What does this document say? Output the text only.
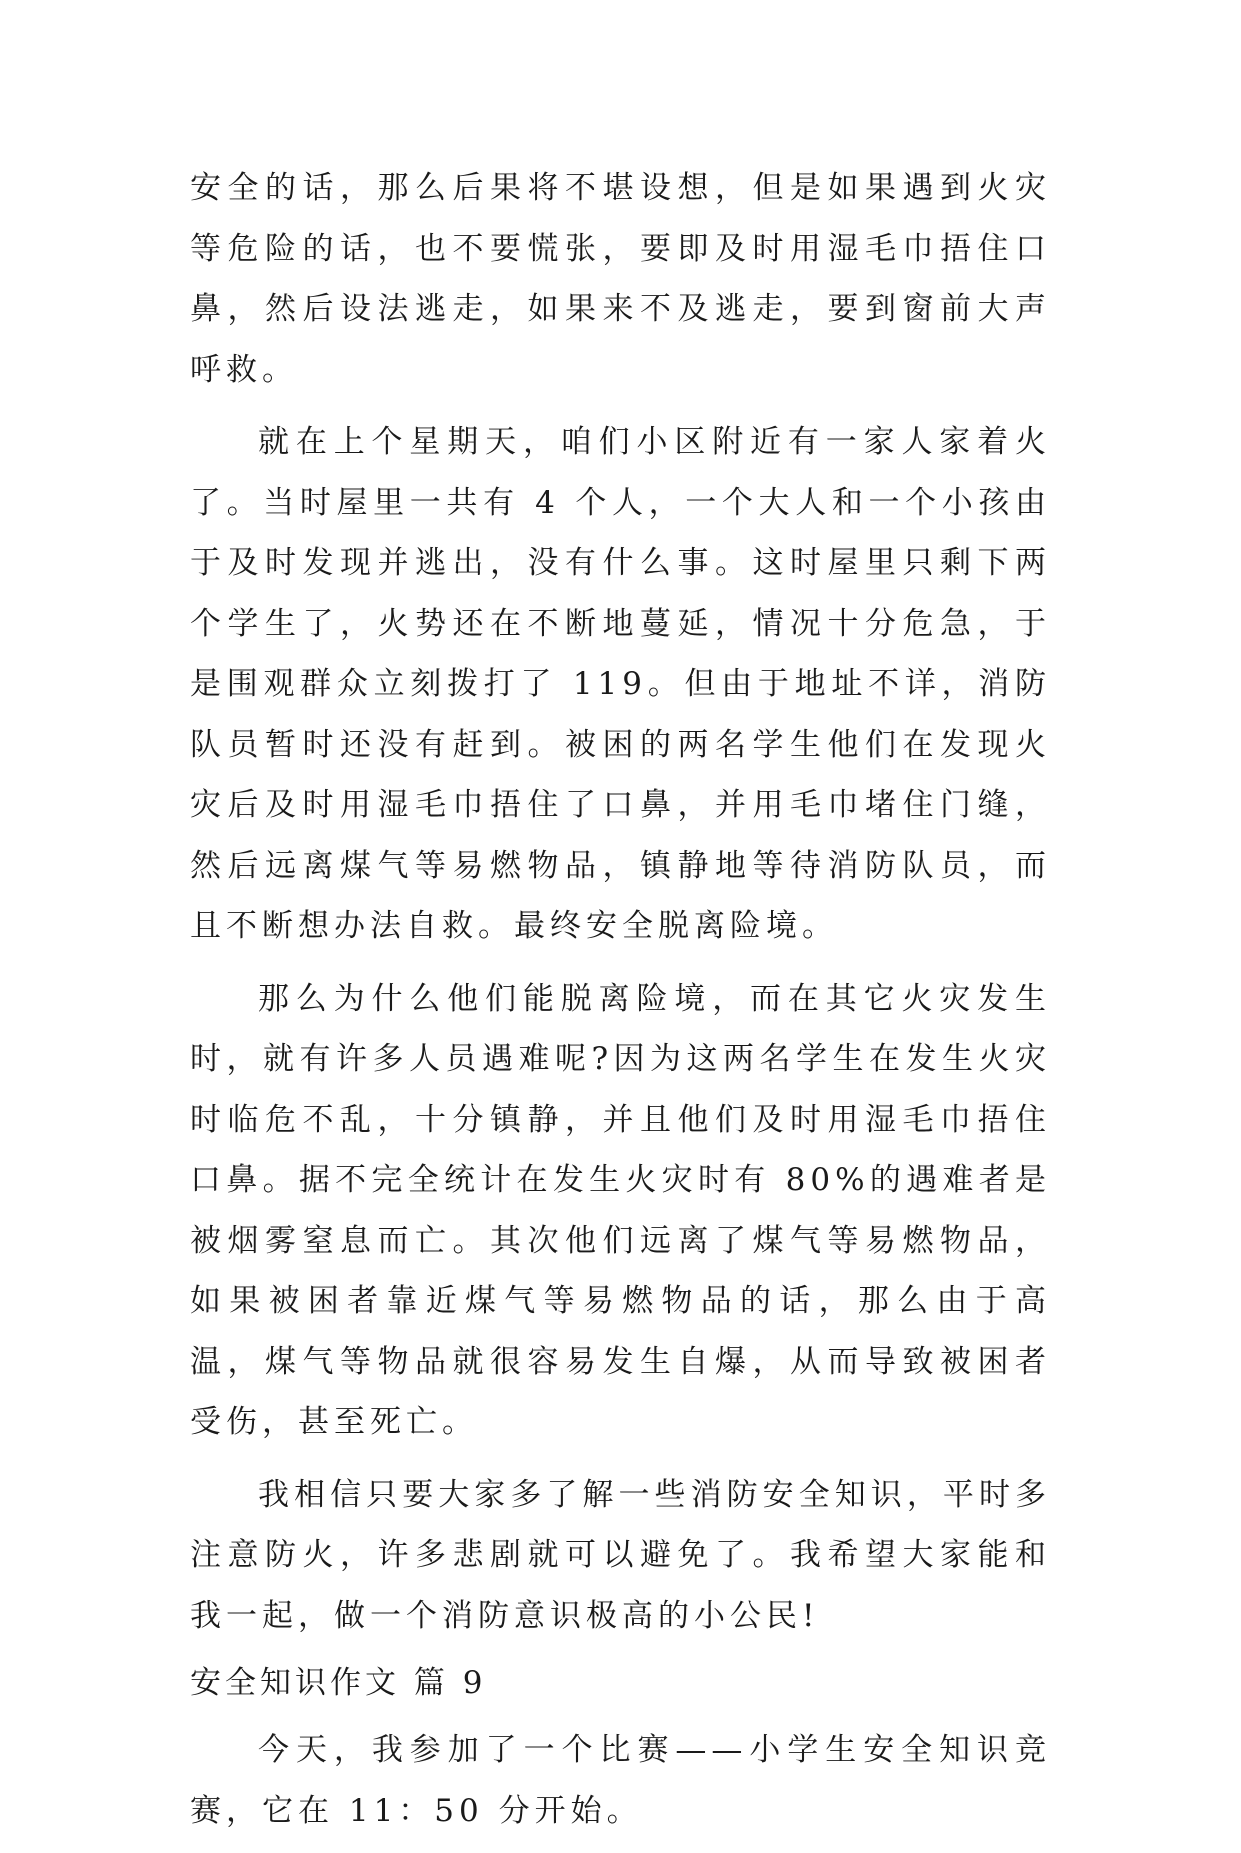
安全的话，那么后果将不堪设想，但是如果遇到火灾等危险的话，也不要慌张，要即及时用湿毛巾捂住口鼻，然后设法逃走，如果来不及逃走，要到窗前大声呼救。

就在上个星期天，咱们小区附近有一家人家着火了。当时屋里一共有 4 个人，一个大人和一个小孩由于及时发现并逃出，没有什么事。这时屋里只剩下两个学生了，火势还在不断地蔓延，情况十分危急，于是围观群众立刻拨打了 119。但由于地址不详，消防队员暂时还没有赶到。被困的两名学生他们在发现火灾后及时用湿毛巾捂住了口鼻，并用毛巾堵住门缝，然后远离煤气等易燃物品，镇静地等待消防队员，而且不断想办法自救。最终安全脱离险境。

那么为什么他们能脱离险境，而在其它火灾发生时，就有许多人员遇难呢?因为这两名学生在发生火灾时临危不乱，十分镇静，并且他们及时用湿毛巾捂住口鼻。据不完全统计在发生火灾时有 80%的遇难者是被烟雾窒息而亡。其次他们远离了煤气等易燃物品，如果被困者靠近煤气等易燃物品的话，那么由于高温，煤气等物品就很容易发生自爆，从而导致被困者受伤，甚至死亡。

我相信只要大家多了解一些消防安全知识，平时多注意防火，许多悲剧就可以避免了。我希望大家能和我一起，做一个消防意识极高的小公民!

安全知识作文 篇 9

今天，我参加了一个比赛——小学生安全知识竞赛，它在 11：50 分开始。
